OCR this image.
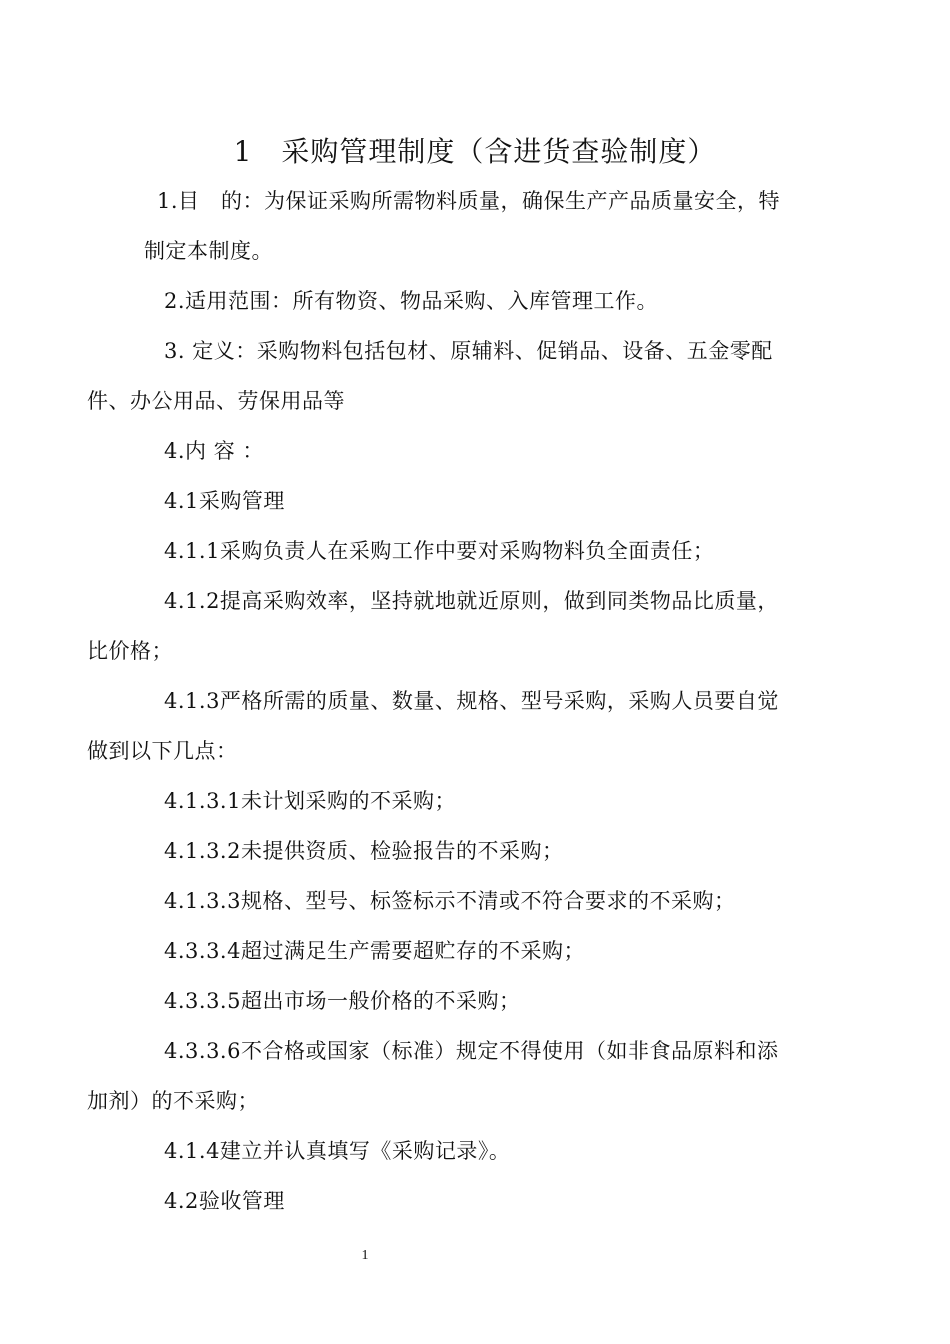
1　采购管理制度（含进货查验制度）
1.目　的：为保证采购所需物料质量，确保生产产品质量安全，特
制定本制度。
2.适用范围：所有物资、物品采购、入库管理工作。
3. 定义：采购物料包括包材、原辅料、促销品、设备、五金零配
件、办公用品、劳保用品等
4.内 容 ：
4.1采购管理
4.1.1采购负责人在采购工作中要对采购物料负全面责任；
4.1.2提高采购效率，坚持就地就近原则，做到同类物品比质量，
比价格；
4.1.3严格所需的质量、数量、规格、型号采购，采购人员要自觉
做到以下几点：
4.1.3.1未计划采购的不采购；
4.1.3.2未提供资质、检验报告的不采购；
4.1.3.3规格、型号、标签标示不清或不符合要求的不采购；
4.3.3.4超过满足生产需要超贮存的不采购；
4.3.3.5超出市场一般价格的不采购；
4.3.3.6不合格或国家（标准）规定不得使用（如非食品原料和添
加剂）的不采购；
4.1.4建立并认真填写《采购记录》。
4.2验收管理
1
